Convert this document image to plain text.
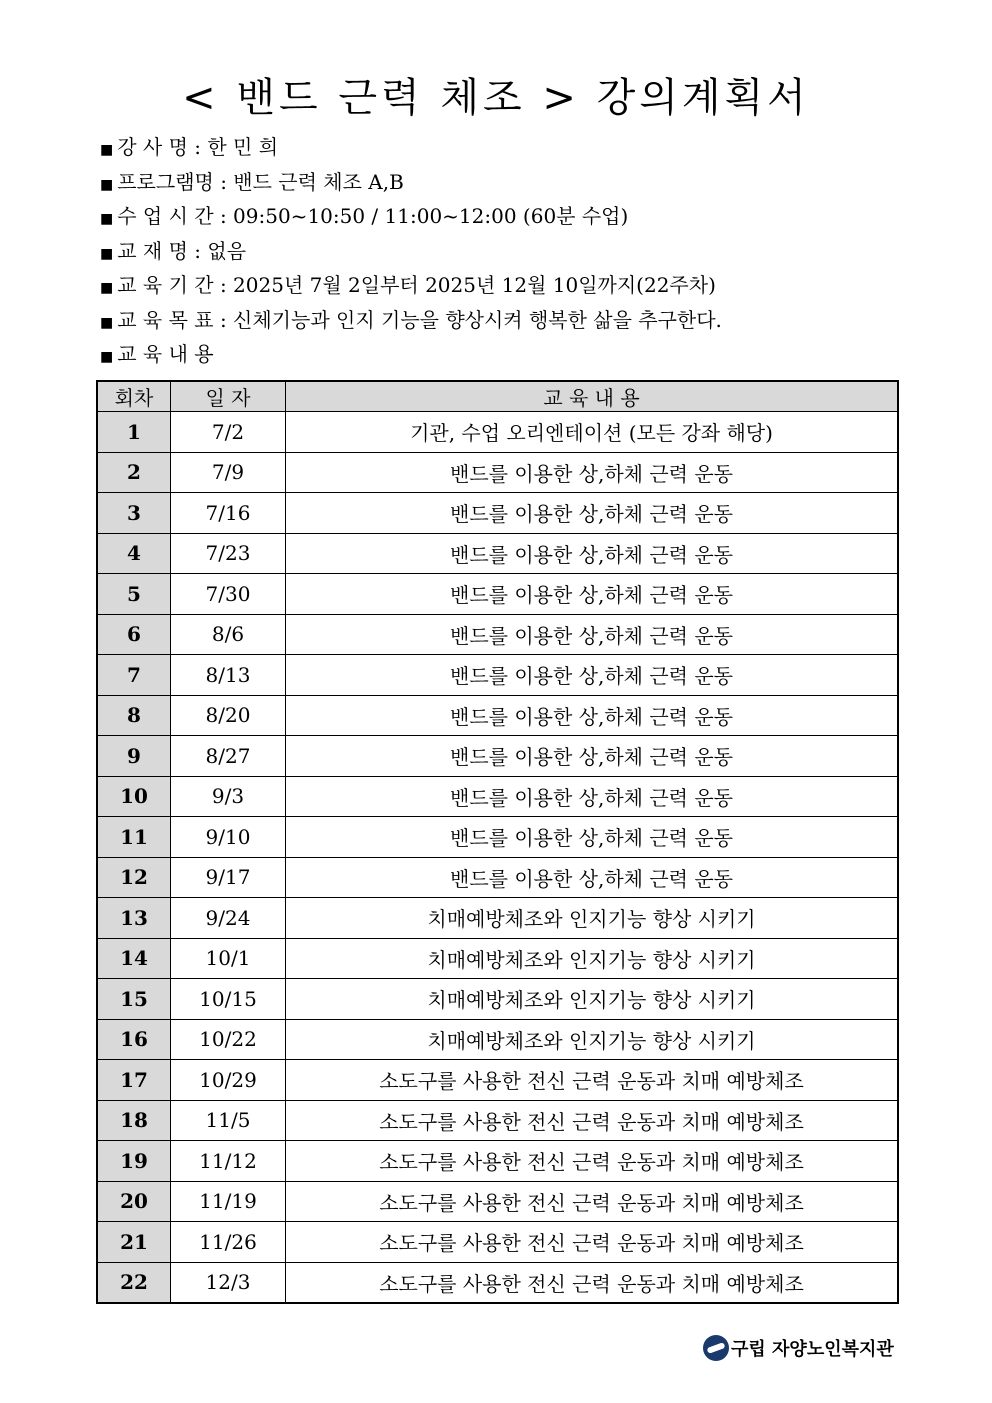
< 밴드 근력 체조 > 강의계획서
■ 강 사 명 : 한 민 희
■ 프로그램명 : 밴드 근력 체조 A,B
■ 수 업 시 간 : 09:50~10:50 / 11:00~12:00 (60분 수업)
■ 교 재 명 : 없음
■ 교 육 기 간 : 2025년 7월 2일부터 2025년 12월 10일까지(22주차)
■ 교 육 목 표 : 신체기능과 인지 기능을 향상시켜 행복한 삶을 추구한다.
■ 교 육 내 용
회차	일 자	교 육 내 용
1	7/2	기관, 수업 오리엔테이션 (모든 강좌 해당)
2	7/9	밴드를 이용한 상,하체 근력 운동
3	7/16	밴드를 이용한 상,하체 근력 운동
4	7/23	밴드를 이용한 상,하체 근력 운동
5	7/30	밴드를 이용한 상,하체 근력 운동
6	8/6	밴드를 이용한 상,하체 근력 운동
7	8/13	밴드를 이용한 상,하체 근력 운동
8	8/20	밴드를 이용한 상,하체 근력 운동
9	8/27	밴드를 이용한 상,하체 근력 운동
10	9/3	밴드를 이용한 상,하체 근력 운동
11	9/10	밴드를 이용한 상,하체 근력 운동
12	9/17	밴드를 이용한 상,하체 근력 운동
13	9/24	치매예방체조와 인지기능 향상 시키기
14	10/1	치매예방체조와 인지기능 향상 시키기
15	10/15	치매예방체조와 인지기능 향상 시키기
16	10/22	치매예방체조와 인지기능 향상 시키기
17	10/29	소도구를 사용한 전신 근력 운동과 치매 예방체조
18	11/5	소도구를 사용한 전신 근력 운동과 치매 예방체조
19	11/12	소도구를 사용한 전신 근력 운동과 치매 예방체조
20	11/19	소도구를 사용한 전신 근력 운동과 치매 예방체조
21	11/26	소도구를 사용한 전신 근력 운동과 치매 예방체조
22	12/3	소도구를 사용한 전신 근력 운동과 치매 예방체조
구립 자양노인복지관
